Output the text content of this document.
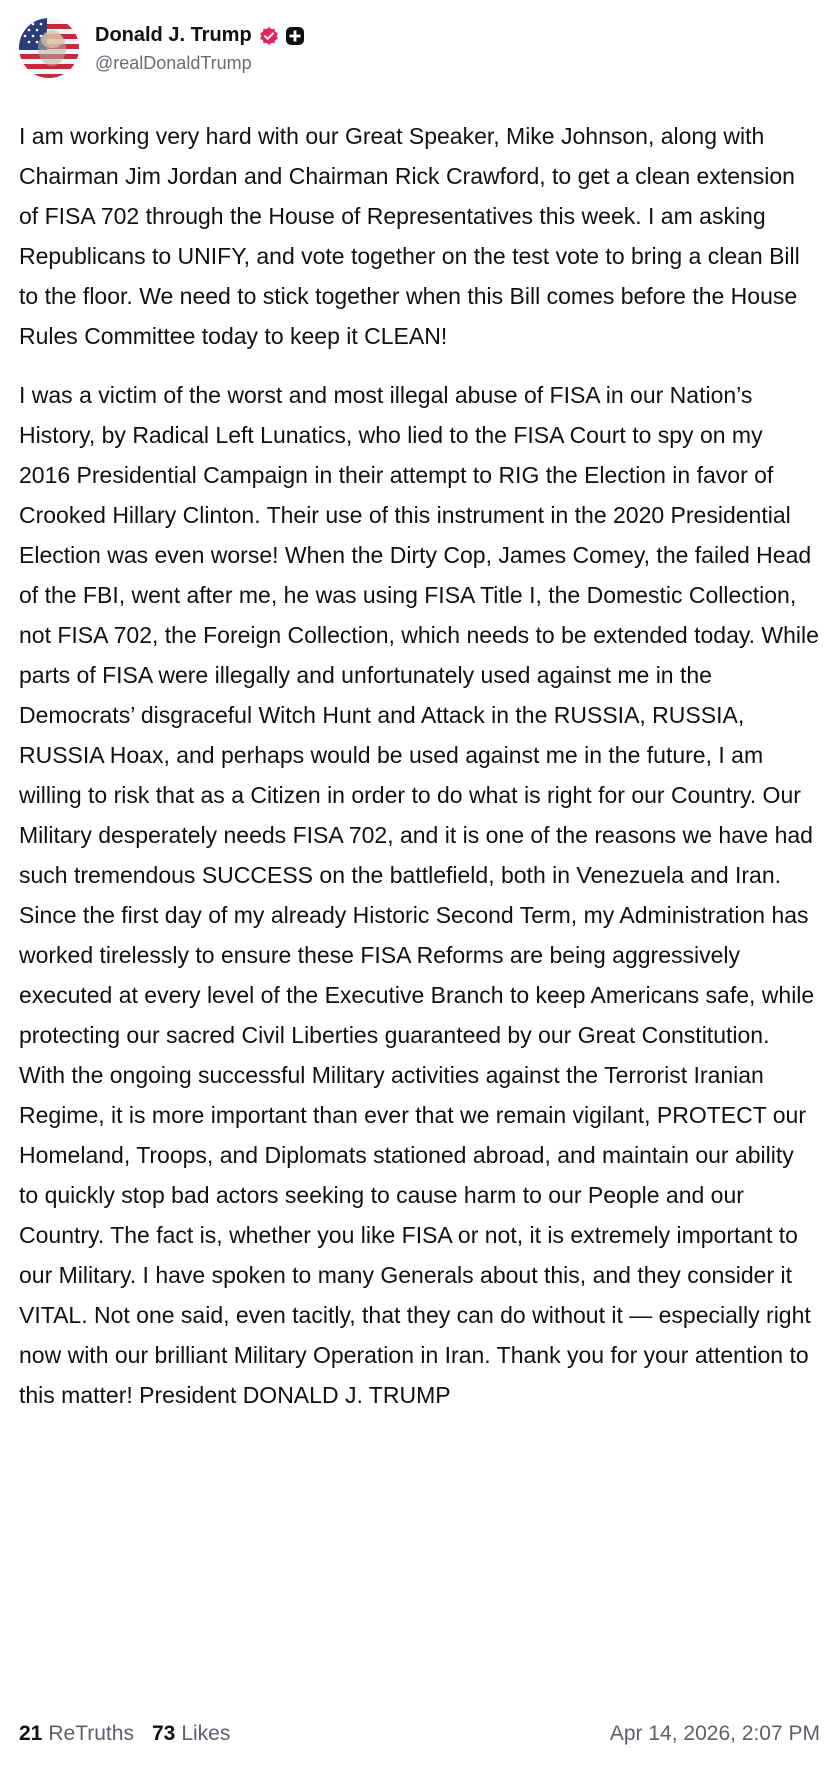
Donald J. Trump
@realDonaldTrump

I am working very hard with our Great Speaker, Mike Johnson, along with Chairman Jim Jordan and Chairman Rick Crawford, to get a clean extension of FISA 702 through the House of Representatives this week. I am asking Republicans to UNIFY, and vote together on the test vote to bring a clean Bill to the floor. We need to stick together when this Bill comes before the House Rules Committee today to keep it CLEAN!

I was a victim of the worst and most illegal abuse of FISA in our Nation’s History, by Radical Left Lunatics, who lied to the FISA Court to spy on my 2016 Presidential Campaign in their attempt to RIG the Election in favor of Crooked Hillary Clinton. Their use of this instrument in the 2020 Presidential Election was even worse! When the Dirty Cop, James Comey, the failed Head of the FBI, went after me, he was using FISA Title I, the Domestic Collection, not FISA 702, the Foreign Collection, which needs to be extended today. While parts of FISA were illegally and unfortunately used against me in the Democrats’ disgraceful Witch Hunt and Attack in the RUSSIA, RUSSIA, RUSSIA Hoax, and perhaps would be used against me in the future, I am willing to risk that as a Citizen in order to do what is right for our Country. Our Military desperately needs FISA 702, and it is one of the reasons we have had such tremendous SUCCESS on the battlefield, both in Venezuela and Iran. Since the first day of my already Historic Second Term, my Administration has worked tirelessly to ensure these FISA Reforms are being aggressively executed at every level of the Executive Branch to keep Americans safe, while protecting our sacred Civil Liberties guaranteed by our Great Constitution. With the ongoing successful Military activities against the Terrorist Iranian Regime, it is more important than ever that we remain vigilant, PROTECT our Homeland, Troops, and Diplomats stationed abroad, and maintain our ability to quickly stop bad actors seeking to cause harm to our People and our Country. The fact is, whether you like FISA or not, it is extremely important to our Military. I have spoken to many Generals about this, and they consider it VITAL. Not one said, even tacitly, that they can do without it — especially right now with our brilliant Military Operation in Iran. Thank you for your attention to this matter! President DONALD J. TRUMP

21 ReTruths 73 Likes	Apr 14, 2026, 2:07 PM
